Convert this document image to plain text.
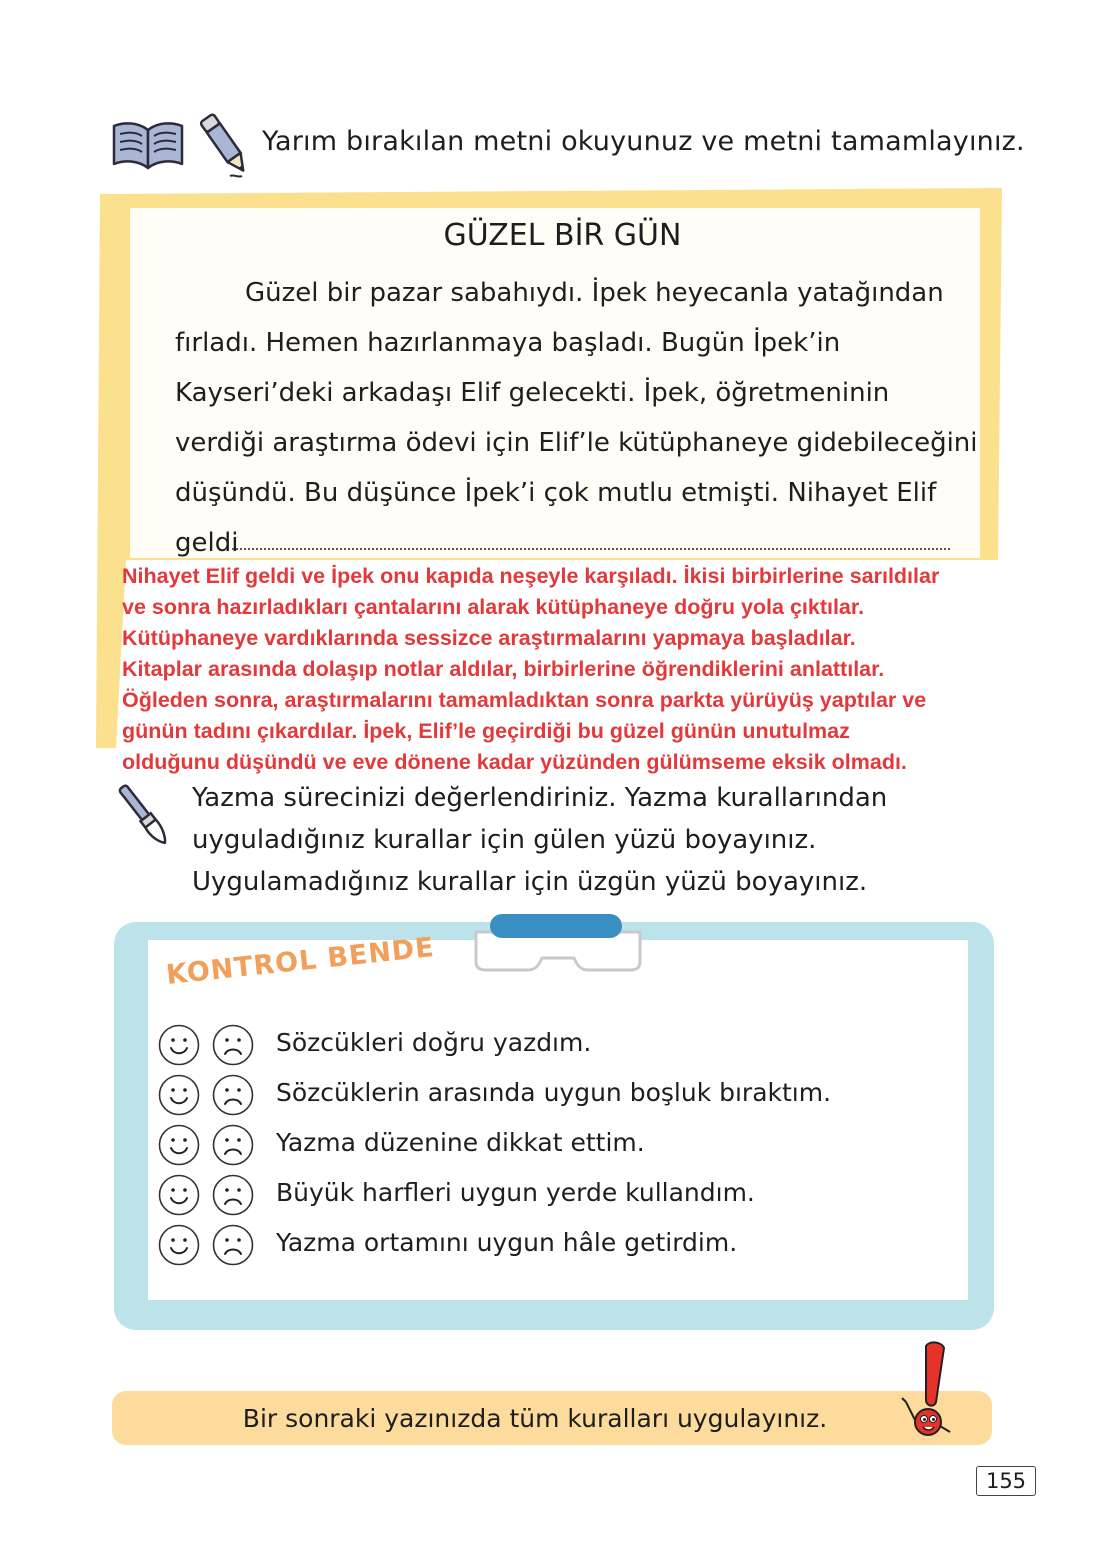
Yarım bırakılan metni okuyunuz ve metni tamamlayınız.
GÜZEL BİR GÜN
Güzel bir pazar sabahıydı. İpek heyecanla yatağından
fırladı. Hemen hazırlanmaya başladı. Bugün İpek’in
Kayseri’deki arkadaşı Elif gelecekti. İpek, öğretmeninin
verdiği araştırma ödevi için Elif’le kütüphaneye gidebileceğini
düşündü. Bu düşünce İpek’i çok mutlu etmişti. Nihayet Elif
geldi
Nihayet Elif geldi ve İpek onu kapıda neşeyle karşıladı. İkisi birbirlerine sarıldılar
ve sonra hazırladıkları çantalarını alarak kütüphaneye doğru yola çıktılar.
Kütüphaneye vardıklarında sessizce araştırmalarını yapmaya başladılar.
Kitaplar arasında dolaşıp notlar aldılar, birbirlerine öğrendiklerini anlattılar.
Öğleden sonra, araştırmalarını tamamladıktan sonra parkta yürüyüş yaptılar ve
günün tadını çıkardılar. İpek, Elif’le geçirdiği bu güzel günün unutulmaz
olduğunu düşündü ve eve dönene kadar yüzünden gülümseme eksik olmadı.
Yazma sürecinizi değerlendiriniz. Yazma kurallarından
uyguladığınız kurallar için gülen yüzü boyayınız.
Uygulamadığınız kurallar için üzgün yüzü boyayınız.
KONTROL BENDE
Sözcükleri doğru yazdım.
Sözcüklerin arasında uygun boşluk bıraktım.
Yazma düzenine dikkat ettim.
Büyük harfleri uygun yerde kullandım.
Yazma ortamını uygun hâle getirdim.
Bir sonraki yazınızda tüm kuralları uygulayınız.
155
